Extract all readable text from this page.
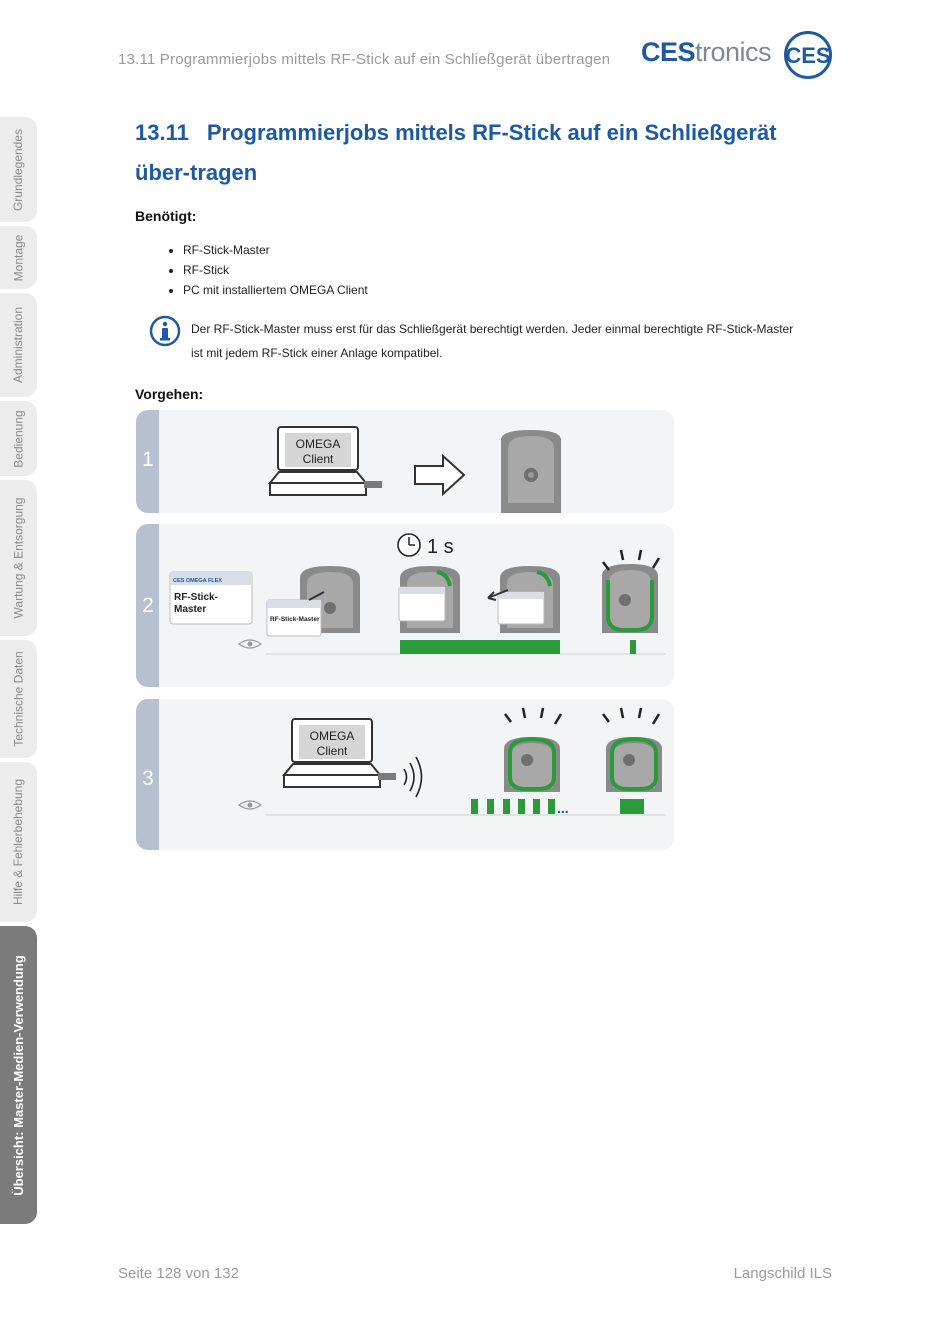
13.11 Programmierjobs mittels RF-Stick auf ein Schließgerät übertragen CEStronics CES
Grundlegendes
Montage
Administration
Bedienung
Wartung & Entsorgung
Technische Daten
Hilfe & Fehlerbehebung
Übersicht: Master-Medien-Verwendung
13.11 Programmierjobs mittels RF-Stick auf ein Schließgerät über-tragen
Benötigt:
• RF-Stick-Master
• RF-Stick
• PC mit installiertem OMEGA Client
Der RF-Stick-Master muss erst für das Schließgerät berechtigt werden. Jeder einmal berechtigte RF-Stick-Master ist mit jedem RF-Stick einer Anlage kompatibel.
Vorgehen:
1
OMEGA
Client
2
CES OMEGA FLEX
RF-Stick-
Master
RF-Stick-Master
1 s
3
OMEGA
Client
...
Seite 128 von 132	Langschild ILS
